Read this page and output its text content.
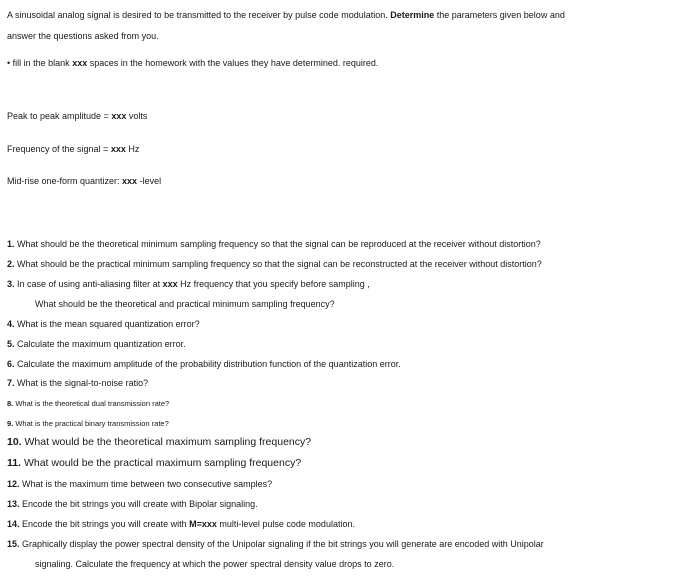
A sinusoidal analog signal is desired to be transmitted to the receiver by pulse code modulation. Determine the parameters given below and
answer the questions asked from you.
• fill in the blank xxx spaces in the homework with the values they have determined. required.
Peak to peak amplitude = xxx volts
Frequency of the signal = xxx Hz
Mid-rise one-form quantizer: xxx -level
1. What should be the theoretical minimum sampling frequency so that the signal can be reproduced at the receiver without distortion?
2. What should be the practical minimum sampling frequency so that the signal can be reconstructed at the receiver without distortion?
3. In case of using anti-aliasing filter at xxx Hz frequency that you specify before sampling ,
What should be the theoretical and practical minimum sampling frequency?
4. What is the mean squared quantization error?
5. Calculate the maximum quantization error.
6. Calculate the maximum amplitude of the probability distribution function of the quantization error.
7. What is the signal-to-noise ratio?
8. What is the theoretical dual transmission rate?
9. What is the practical binary transmission rate?
10. What would be the theoretical maximum sampling frequency?
11. What would be the practical maximum sampling frequency?
12. What is the maximum time between two consecutive samples?
13. Encode the bit strings you will create with Bipolar signaling.
14. Encode the bit strings you will create with M=xxx multi-level pulse code modulation.
15. Graphically display the power spectral density of the Unipolar signaling if the bit strings you will generate are encoded with Unipolar
signaling. Calculate the frequency at which the power spectral density value drops to zero.
